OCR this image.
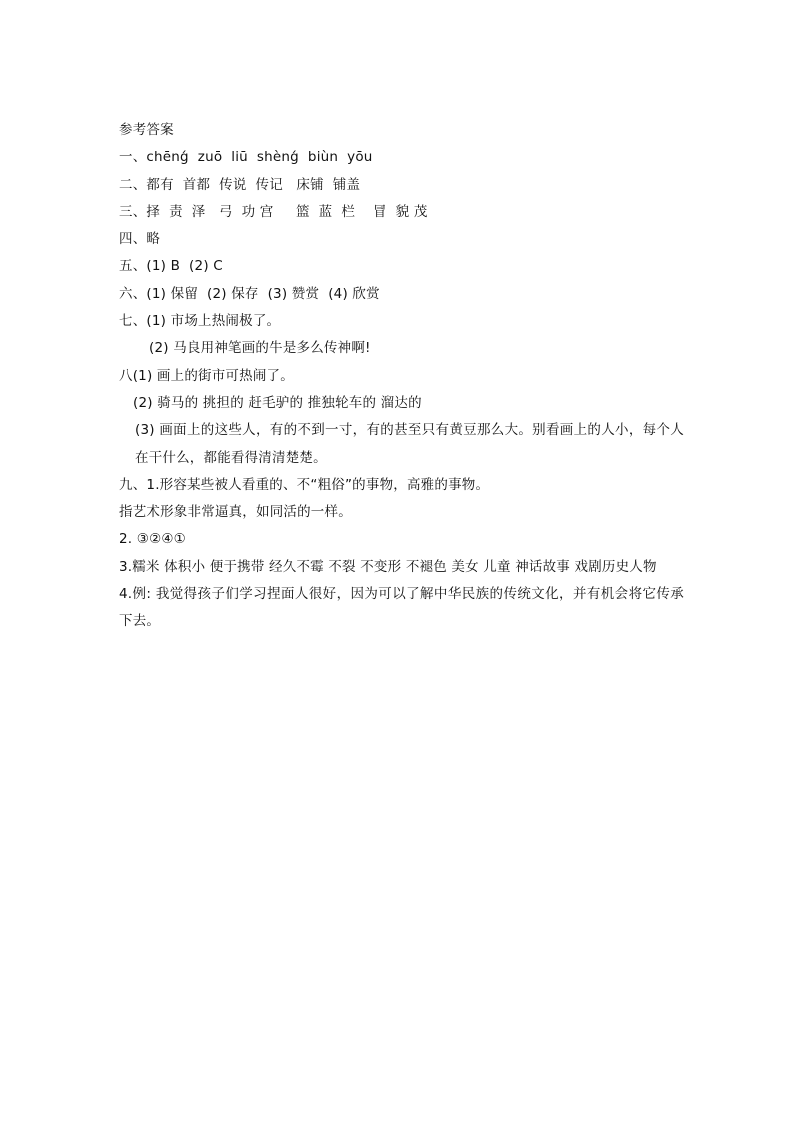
参考答案
一、chēnǵ  zuō  liū  shènǵ  biùn  yōu
二、都有  首都  传说  传记   床铺  铺盖
三、择  责  泽   弓  功 宫     篮  蓝  栏    冒  貌 茂
四、略
五、(1) B  (2) C
六、(1) 保留  (2) 保存  (3) 赞赏  (4) 欣赏
七、(1) 市场上热闹极了。
(2) 马良用神笔画的牛是多么传神啊!
八(1) 画上的街市可热闹了。
(2) 骑马的 挑担的 赶毛驴的 推独轮车的 溜达的
(3) 画面上的这些人，有的不到一寸，有的甚至只有黄豆那么大。别看画上的人小，每个人在干什么，都能看得清清楚楚。
九、1.形容某些被人看重的、不“粗俗”的事物，高雅的事物。
指艺术形象非常逼真，如同活的一样。
2. ③②④①
3.糯米 体积小 便于携带 经久不霉 不裂 不变形 不褪色 美女 儿童 神话故事 戏剧历史人物
4.例: 我觉得孩子们学习捏面人很好，因为可以了解中华民族的传统文化，并有机会将它传承下去。
